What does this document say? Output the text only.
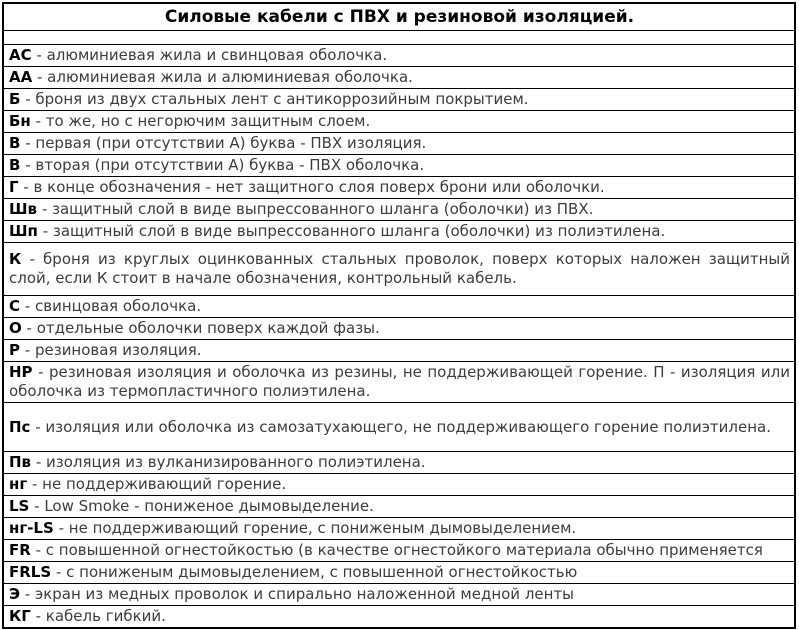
Силовые кабели с ПВХ и резиновой изоляцией.

АС - алюминиевая жила и свинцовая оболочка.
АА - алюминиевая жила и алюминиевая оболочка.
Б - броня из двух стальных лент с антикоррозийным покрытием.
Бн - то же, но с негорючим защитным слоем.
В - первая (при отсутствии А) буква - ПВХ изоляция.
В - вторая (при отсутствии А) буква - ПВХ оболочка.
Г - в конце обозначения - нет защитного слоя поверх брони или оболочки.
Шв - защитный слой в виде выпрессованного шланга (оболочки) из ПВХ.
Шп - защитный слой в виде выпрессованного шланга (оболочки) из полиэтилена.
К - броня из круглых оцинкованных стальных проволок, поверх которых наложен защитный слой, если К стоит в начале обозначения, контрольный кабель.
С - свинцовая оболочка.
О - отдельные оболочки поверх каждой фазы.
Р - резиновая изоляция.
НР - резиновая изоляция и оболочка из резины, не поддерживающей горение. П - изоляция или оболочка из термопластичного полиэтилена.
Пс - изоляция или оболочка из самозатухающего, не поддерживающего горение полиэтилена.
Пв - изоляция из вулканизированного полиэтилена.
нг - не поддерживающий горение.
LS - Low Smoke - пониженое дымовыделение.
нг-LS - не поддерживающий горение, с пониженым дымовыделением.
FR - с повышенной огнестойкостью (в качестве огнестойкого материала обычно применяется
FRLS - с пониженым дымовыделением, с повышенной огнестойкостью
Э - экран из медных проволок и спирально наложенной медной ленты
КГ - кабель гибкий.
